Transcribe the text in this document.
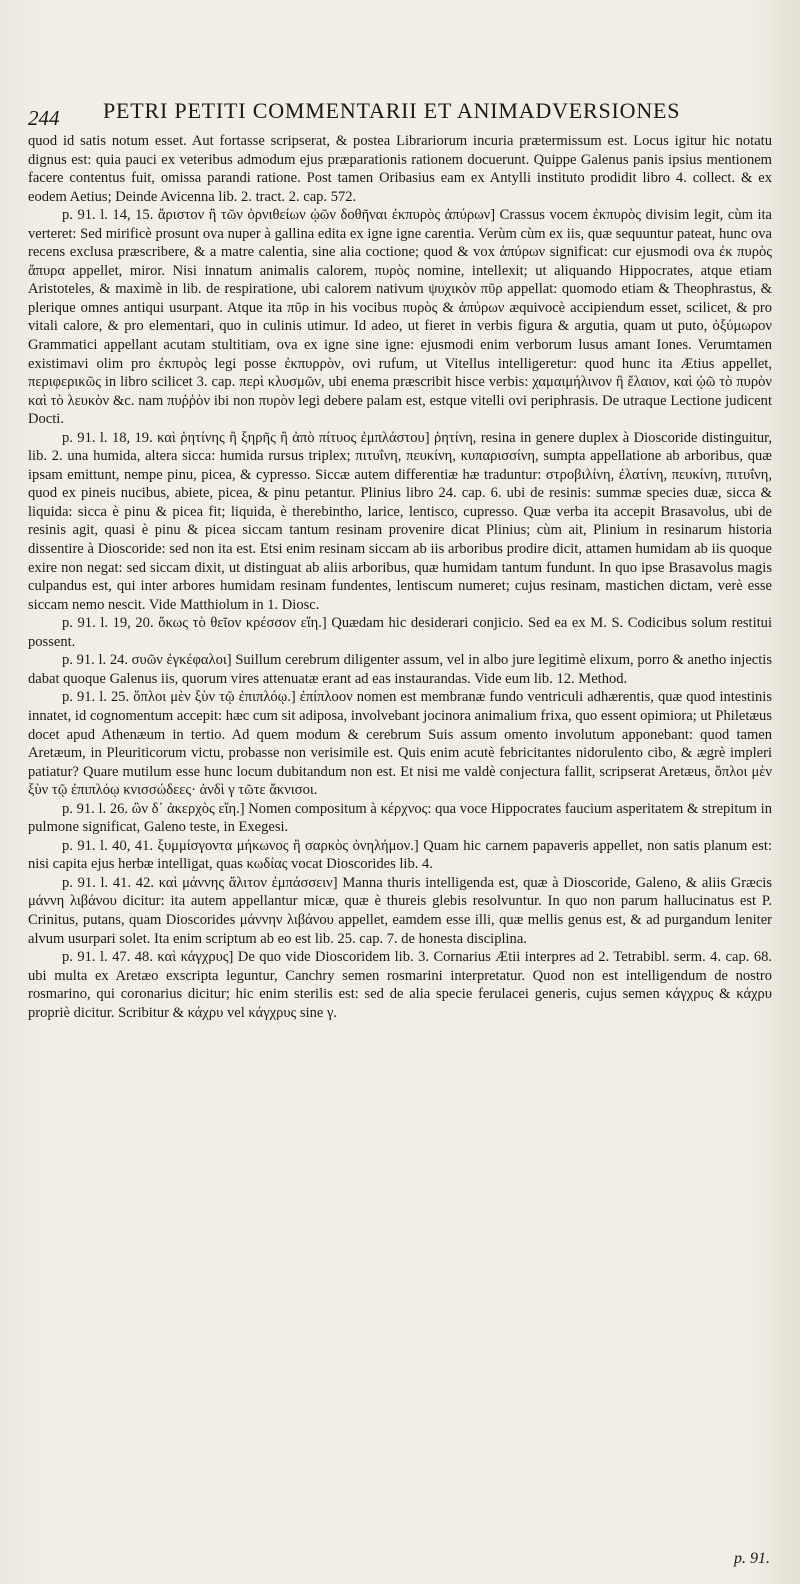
244 PETRI PETITI COMMENTARII ET ANIMADVERSIONES

quod id satis notum esset. Aut fortasse scripserat, & postea Librariorum incuria prætermissum est. Locus igitur hic notatu dignus est: quia pauci ex veteribus admodum ejus præparationis rationem docuerunt. Quippe Galenus panis ipsius mentionem facere contentus fuit, omissa parandi ratione. Post tamen Oribasius eam ex Antylli instituto prodidit libro 4. collect. & ex eodem Aetius; Deinde Avicenna lib. 2. tract. 2. cap. 572.

p. 91. l. 14, 15. ἄριστον ἢ τῶν ὀρνιθείων ᾠῶν δοθῆναι ἐκπυρὸς ἀπύρων] Crassus vocem ἐκπυρὸς divisim legit, cùm ita verteret: Sed mirificè prosunt ova nuper à gallina edita ex igne igne carentia. Verùm cùm ex iis, quæ sequuntur pateat, hunc ova recens exclusa præscribere, & a matre calentia, sine alia coctione; quod & vox ἀπύρων significat: cur ejusmodi ova ἐκ πυρὸς ἄπυρα appellet, miror. Nisi innatum animalis calorem, πυρὸς nomine, intellexit; ut aliquando Hippocrates, atque etiam Aristoteles, & maximè in lib. de respiratione, ubi calorem nativum ψυχικὸν πῦρ appellat: quomodo etiam & Theophrastus, & plerique omnes antiqui usurpant. Atque ita πῦρ in his vocibus πυρὸς & ἀπύρων æquivocè accipiendum esset, scilicet, & pro vitali calore, & pro elementari, quo in culinis utimur. Id adeo, ut fieret in verbis figura & argutia, quam ut puto, ὀξύμωρον Grammatici appellant acutam stultitiam, ova ex igne sine igne: ejusmodi enim verborum lusus amant Iones. Verumtamen existimavi olim pro ἐκπυρὸς legi posse ἐκπυρρὸν, ovi rufum, ut Vitellus intelligeretur: quod hunc ita Ætius appellet, περιφερικῶς in libro scilicet 3. cap. περὶ κλυσμῶν, ubi enema præscribit hisce verbis: χαμαιμήλινον ἢ ἔλαιον, καὶ ᾠῶ τὸ πυρὸν καὶ τὸ λευκὸν &c. nam πυῤῥὸν ibi non πυρὸν legi debere palam est, estque vitelli ovi periphrasis. De utraque Lectione judicent Docti.

p. 91. l. 18, 19. καὶ ῥητίνης ἢ ξηρῆς ἢ ἀπὸ πίτυος ἐμπλάστου] ῥητίνη, resina in genere duplex à Dioscoride distinguitur, lib. 2. una humida, altera sicca: humida rursus triplex; πιτυΐνη, πευκίνη, κυπαρισσίνη, sumpta appellatione ab arboribus, quæ ipsam emittunt, nempe pinu, picea, & cypresso. Siccæ autem differentiæ hæ traduntur: στροβιλίνη, ἐλατίνη, πευκίνη, πιτυΐνη, quod ex pineis nucibus, abiete, picea, & pinu petantur. Plinius libro 24. cap. 6. ubi de resinis: summæ species duæ, sicca & liquida: sicca è pinu & picea fit; liquida, è therebintho, larice, lentisco, cupresso. Quæ verba ita accepit Brasavolus, ubi de resinis agit, quasi è pinu & picea siccam tantum resinam provenire dicat Plinius; cùm ait, Plinium in resinarum historia dissentire à Dioscoride: sed non ita est. Etsi enim resinam siccam ab iis arboribus prodire dicit, attamen humidam ab iis quoque exire non negat: sed siccam dixit, ut distinguat ab aliis arboribus, quæ humidam tantum fundunt. In quo ipse Brasavolus magis culpandus est, qui inter arbores humidam resinam fundentes, lentiscum numeret; cujus resinam, mastichen dictam, verè esse siccam nemo nescit. Vide Matthiolum in 1. Diosc.

p. 91. l. 19, 20. ὅκως τὸ θεῖον κρέσσον εἴη.] Quædam hic desiderari conjicio. Sed ea ex M. S. Codicibus solum restitui possent.

p. 91. l. 24. συῶν ἐγκέφαλοι] Suillum cerebrum diligenter assum, vel in albo jure legitimè elixum, porro & anetho injectis dabat quoque Galenus iis, quorum vires attenuatæ erant ad eas instaurandas. Vide eum lib. 12. Method.

p. 91. l. 25. ὅπλοι μὲν ξὺν τῷ ἐπιπλόῳ.] ἐπίπλοον nomen est membranæ fundo ventriculi adhærentis, quæ quod intestinis innatet, id cognomentum accepit: hæc cum sit adiposa, involvebant jocinora animalium frixa, quo essent opimiora; ut Philetæus docet apud Athenæum in tertio. Ad quem modum & cerebrum Suis assum omento involutum apponebant: quod tamen Aretæum, in Pleuriticorum victu, probasse non verisimile est. Quis enim acutè febricitantes nidorulento cibo, & ægrè impleri patiatur? Quare mutilum esse hunc locum dubitandum non est. Et nisi me valdè conjectura fallit, scripserat Aretæus, ὅπλοι μὲν ξὺν τῷ ἐπιπλόῳ κνισσώδεες· ἀνδὶ γ τῶτε ἄκνισοι.

p. 91. l. 26. ὢν δ᾽ ἀκερχὸς εἴη.] Nomen compositum à κέρχνος: qua voce Hippocrates faucium asperitatem & strepitum in pulmone significat, Galeno teste, in Exegesi.

p. 91. l. 40, 41. ξυμμίσγοντα μήκωνος ἢ σαρκὸς ὀνηλήμον.] Quam hic carnem papaveris appellet, non satis planum est: nisi capita ejus herbæ intelligat, quas κωδίας vocat Dioscorides lib. 4.

p. 91. l. 41. 42. καὶ μάννης ἄλιτον ἐμπάσσειν] Manna thuris intelligenda est, quæ à Dioscoride, Galeno, & aliis Græcis μάννη λιβάνου dicitur: ita autem appellantur micæ, quæ è thureis glebis resolvuntur. In quo non parum hallucinatus est P. Crinitus, putans, quam Dioscorides μάννην λιβάνου appellet, eamdem esse illi, quæ mellis genus est, & ad purgandum leniter alvum usurpari solet. Ita enim scriptum ab eo est lib. 25. cap. 7. de honesta disciplina.

p. 91. l. 47. 48. καὶ κάγχρυς] De quo vide Dioscoridem lib. 3. Cornarius Ætii interpres ad 2. Tetrabibl. serm. 4. cap. 68. ubi multa ex Aretæo exscripta leguntur, Canchry semen rosmarini interpretatur. Quod non est intelligendum de nostro rosmarino, qui coronarius dicitur; hic enim sterilis est: sed de alia specie ferulacei generis, cujus semen κάγχρυς & κάχρυ propriè dicitur. Scribitur & κάχρυ vel κάγχρυς sine γ.

p. 91.
